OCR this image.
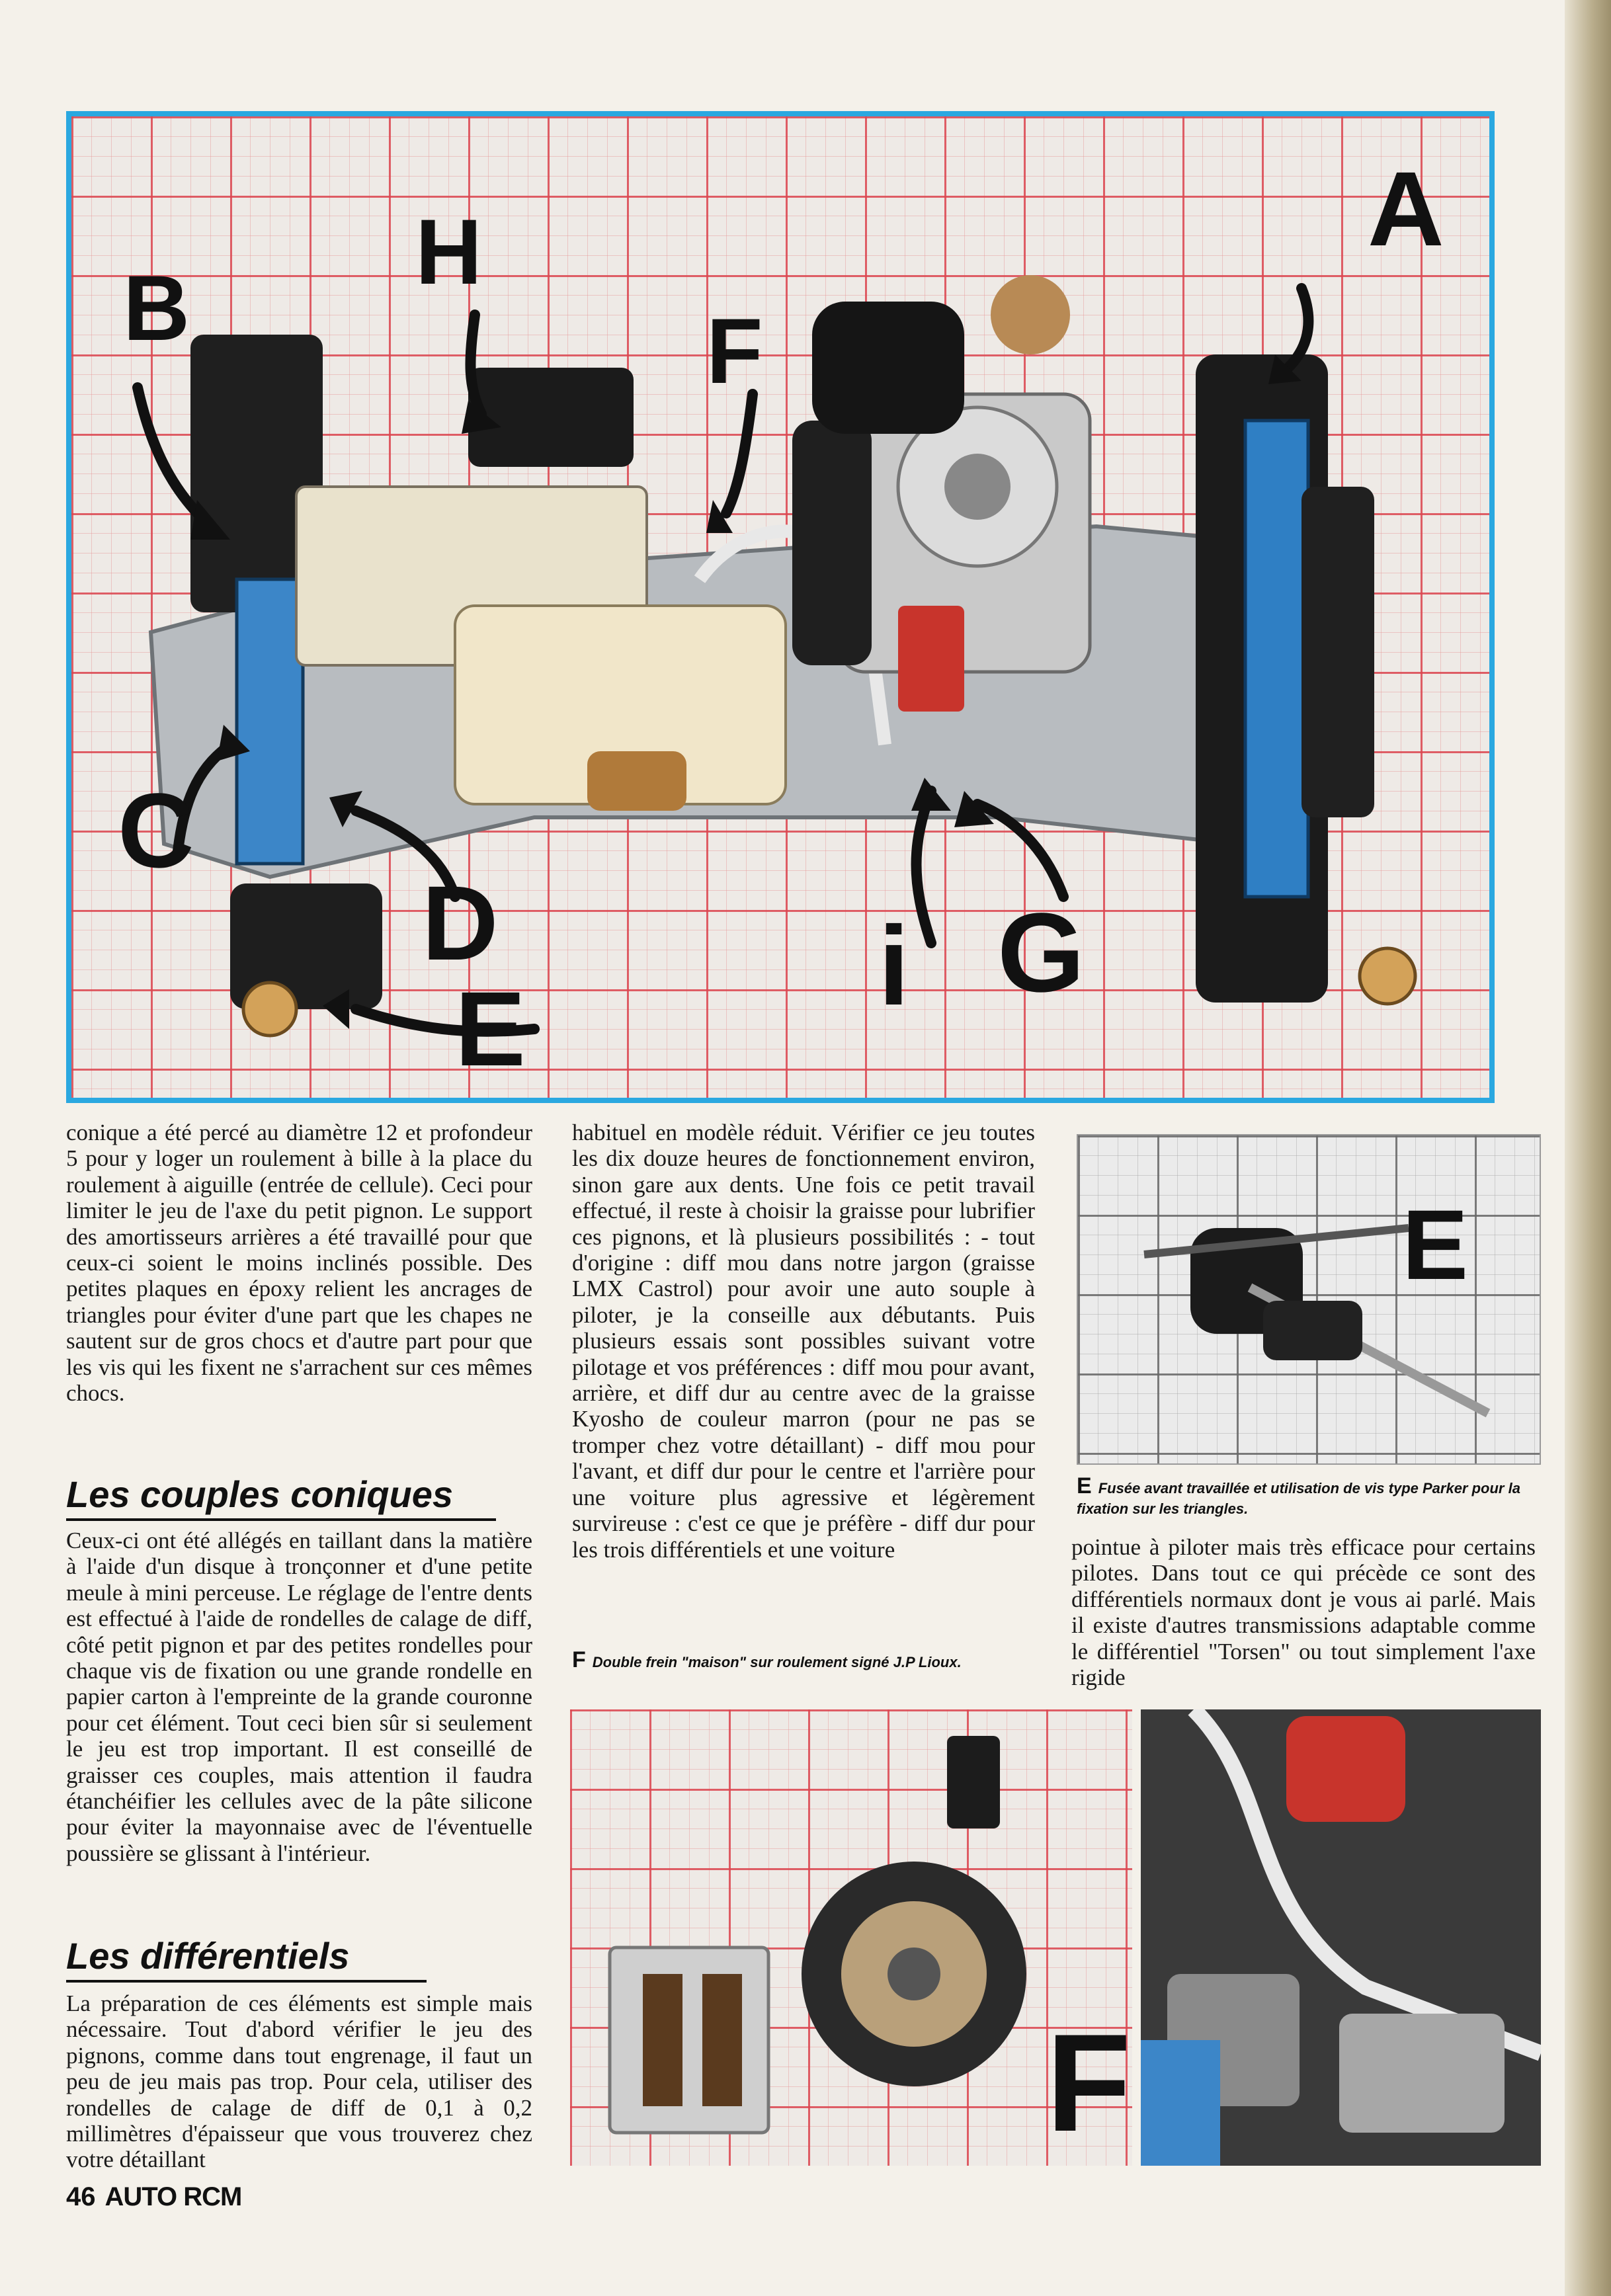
B
H
F
A
C
D
E	i G

conique a été percé au diamètre 12 et profondeur 5 pour y loger un roulement à bille à la place du roulement à aiguille (entrée de cellule). Ceci pour limiter le jeu de l'axe du petit pignon. Le support des amortisseurs arrières a été travaillé pour que ceux-ci soient le moins inclinés possible. Des petites plaques en époxy relient les ancrages de triangles pour éviter d'une part que les chapes ne sautent sur de gros chocs et d'autre part pour que les vis qui les fixent ne s'arrachent sur ces mêmes chocs.

Les couples coniques

Ceux-ci ont été allégés en taillant dans la matière à l'aide d'un disque à tronçonner et d'une petite meule à mini perceuse. Le réglage de l'entre dents est effectué à l'aide de rondelles de calage de diff, côté petit pignon et par des petites rondelles pour chaque vis de fixation ou une grande rondelle en papier carton à l'empreinte de la grande couronne pour cet élément. Tout ceci bien sûr si seulement le jeu est trop important. Il est conseillé de graisser ces couples, mais attention il faudra étanchéifier les cellules avec de la pâte silicone pour éviter la mayonnaise avec de l'éventuelle poussière se glissant à l'intérieur.

Les différentiels

La préparation de ces éléments est simple mais nécessaire. Tout d'abord vérifier le jeu des pignons, comme dans tout engrenage, il faut un peu de jeu mais pas trop. Pour cela, utiliser des rondelles de calage de diff de 0,1 à 0,2 millimètres d'épaisseur que vous trouverez chez votre détaillant

habituel en modèle réduit. Vérifier ce jeu toutes les dix douze heures de fonctionnement environ, sinon gare aux dents. Une fois ce petit travail effectué, il reste à choisir la graisse pour lubrifier ces pignons, et là plusieurs possibilités : - tout d'origine : diff mou dans notre jargon (graisse LMX Castrol) pour avoir une auto souple à piloter, je la conseille aux débutants. Puis plusieurs essais sont possibles suivant votre pilotage et vos préférences : diff mou pour avant, arrière, et diff dur au centre avec de la graisse Kyosho de couleur marron (pour ne pas se tromper chez votre détaillant) - diff mou pour l'avant, et diff dur pour le centre et l'arrière pour une voiture plus agressive et légèrement survireuse : c'est ce que je préfère - diff dur pour les trois différentiels et une voiture

E
E Fusée avant travaillée et utilisation de vis type Parker pour la fixation sur les triangles.

pointue à piloter mais très efficace pour certains pilotes. Dans tout ce qui précède ce sont des différentiels normaux dont je vous ai parlé. Mais il existe d'autres transmissions adaptable comme le différentiel "Torsen" ou tout simplement l'axe rigide

F Double frein "maison" sur roulement signé J.P Lioux.
F
46 AUTO RCM
